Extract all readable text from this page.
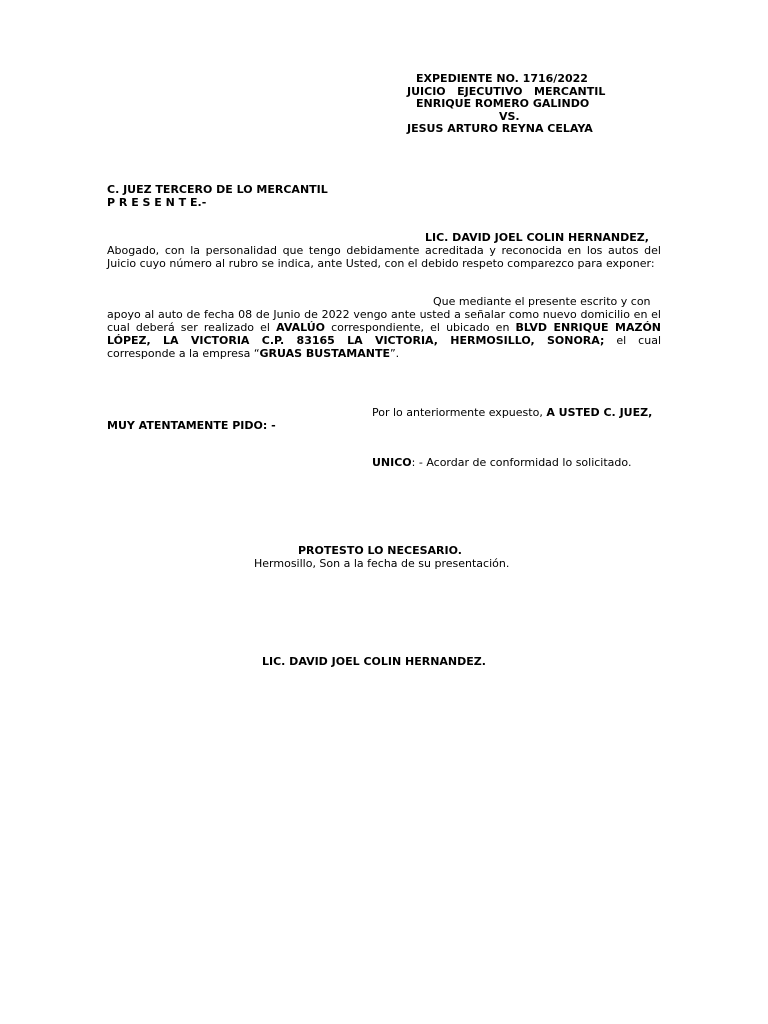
EXPEDIENTE NO. 1716/2022
JUICIO   EJECUTIVO   MERCANTIL
ENRIQUE ROMERO GALINDO
VS.
JESUS ARTURO REYNA CELAYA
C. JUEZ TERCERO DE LO MERCANTIL
P R E S E N T E.-
LIC. DAVID JOEL COLIN HERNANDEZ,
Abogado, con la personalidad que tengo debidamente acreditada y reconocida en los autos del
Juicio cuyo número al rubro se indica, ante Usted, con el debido respeto comparezco para exponer:
Que mediante el presente escrito y con
apoyo al auto de fecha 08 de Junio de 2022 vengo ante usted a señalar como nuevo domicilio en el
cual deberá ser realizado el AVALÚO correspondiente, el ubicado en BLVD ENRIQUE MAZÓN
LÓPEZ, LA VICTORIA C.P. 83165 LA VICTORIA, HERMOSILLO, SONORA; el cual
corresponde a la empresa “GRUAS BUSTAMANTE”.
Por lo anteriormente expuesto, A USTED C. JUEZ,
MUY ATENTAMENTE PIDO: -
UNICO: - Acordar de conformidad lo solicitado.
PROTESTO LO NECESARIO.
Hermosillo, Son a la fecha de su presentación.
LIC. DAVID JOEL COLIN HERNANDEZ.
